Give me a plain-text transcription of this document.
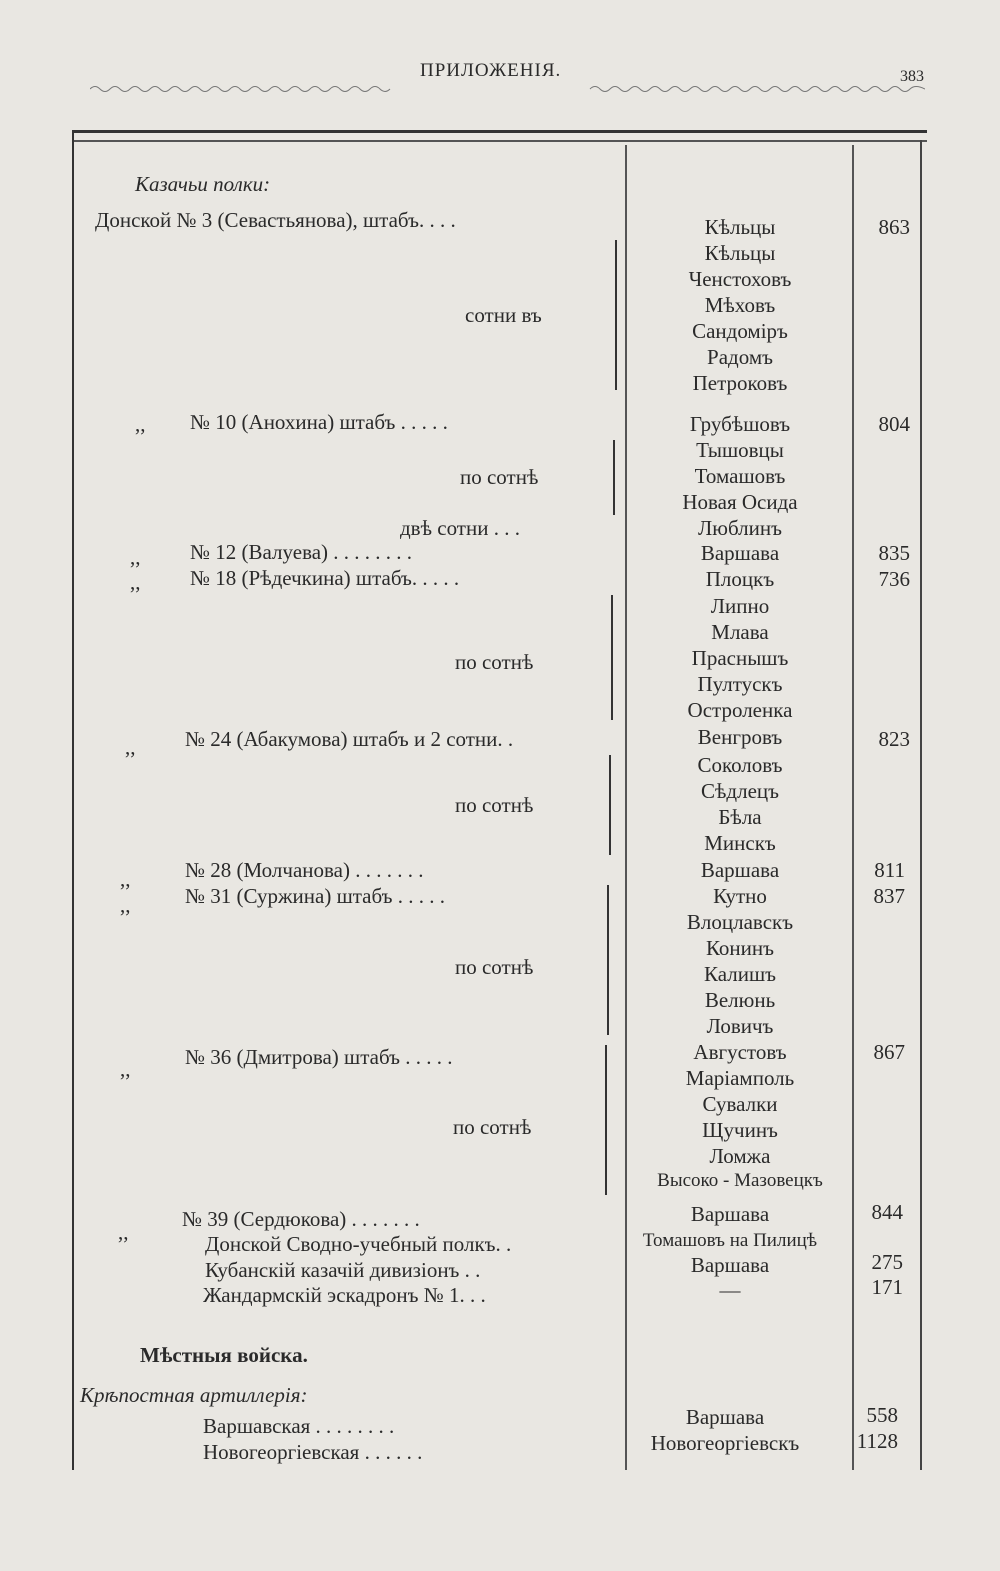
ПРИЛОЖЕНІЯ.	383
Казачьи полки:
Донской № 3 (Севастьянова), штабъ. . . .	Кѣльцы	863
сотни въ
Кѣльцы
Ченстоховъ
Мѣховъ
Сандоміръ
Радомъ
Петроковъ
,, № 10 (Анохина) штабъ . . . . .	Грубѣшовъ	804
по сотнѣ
Тышовцы
Томашовъ
Новая Осида
двѣ сотни . . .	Люблинъ
,, № 12 (Валуева) . . . . . . . .	Варшава	835
,, № 18 (Рѣдечкина) штабъ. . . . .	Плоцкъ	736
по сотнѣ
Липно
Млава
Праснышъ
Пултускъ
Остроленка
,, № 24 (Абакумова) штабъ и 2 сотни. .	Венгровъ	823
по сотнѣ
Соколовъ
Сѣдлецъ
Бѣла
Минскъ
,,	№ 28 (Молчанова) . . . . . . .	Варшава	811
,,	№ 31 (Суржина) штабъ . . . . .	Кутно	837
по сотнѣ
Влоцлавскъ
Конинъ
Калишъ
Велюнь
Ловичъ
,,	№ 36 (Дмитрова) штабъ . . . . .	Августовъ	867
по сотнѣ
Маріамполь
Сувалки
Щучинъ
Ломжа
Высоко - Мазовецкъ
,,
№ 39 (Сердюкова) . . . . . . .	Варшава	844
Донской Сводно-учебный полкъ. .	Томашовъ на Пилицѣ
Кубанскій казачій дивизіонъ . .	Варшава	275
Жандармскій эскадронъ № 1. . .	—	171
Мѣстныя войска.
Крѣпостная артиллерія:
Варшавская . . . . . . . .	Варшава	558
Новогеоргіевская . . . . . .	Новогеоргіевскъ	1128
